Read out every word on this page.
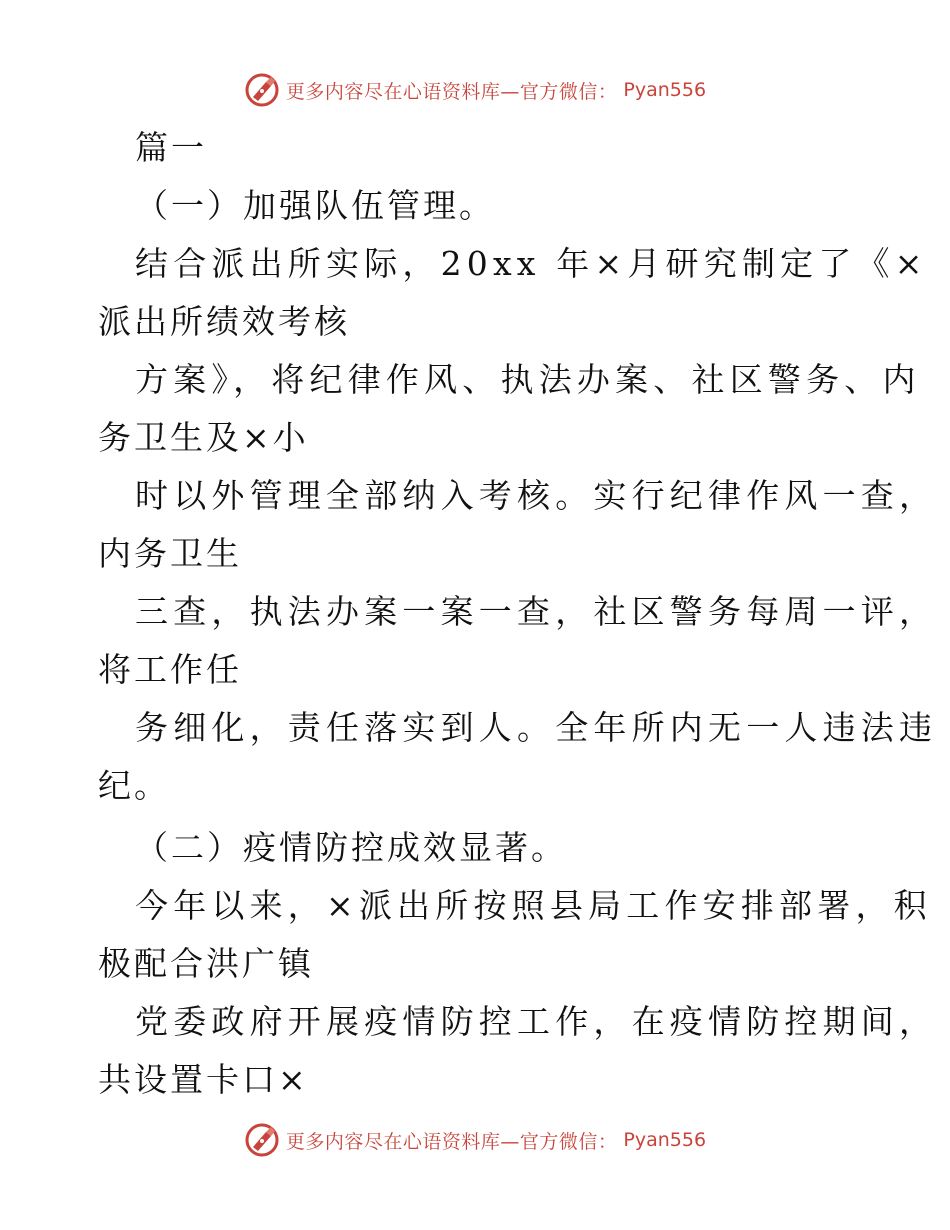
更多内容尽在心语资料库—官方微信： Pyan556
篇一
（一）加强队伍管理。
结合派出所实际，20xx 年×月研究制定了《×
派出所绩效考核
方案》，将纪律作风、执法办案、社区警务、内
务卫生及×小
时以外管理全部纳入考核。实行纪律作风一查，
内务卫生
三查，执法办案一案一查，社区警务每周一评，
将工作任
务细化，责任落实到人。全年所内无一人违法违
纪。
（二）疫情防控成效显著。
今年以来，×派出所按照县局工作安排部署，积
极配合洪广镇
党委政府开展疫情防控工作，在疫情防控期间，
共设置卡口×
更多内容尽在心语资料库—官方微信： Pyan556
